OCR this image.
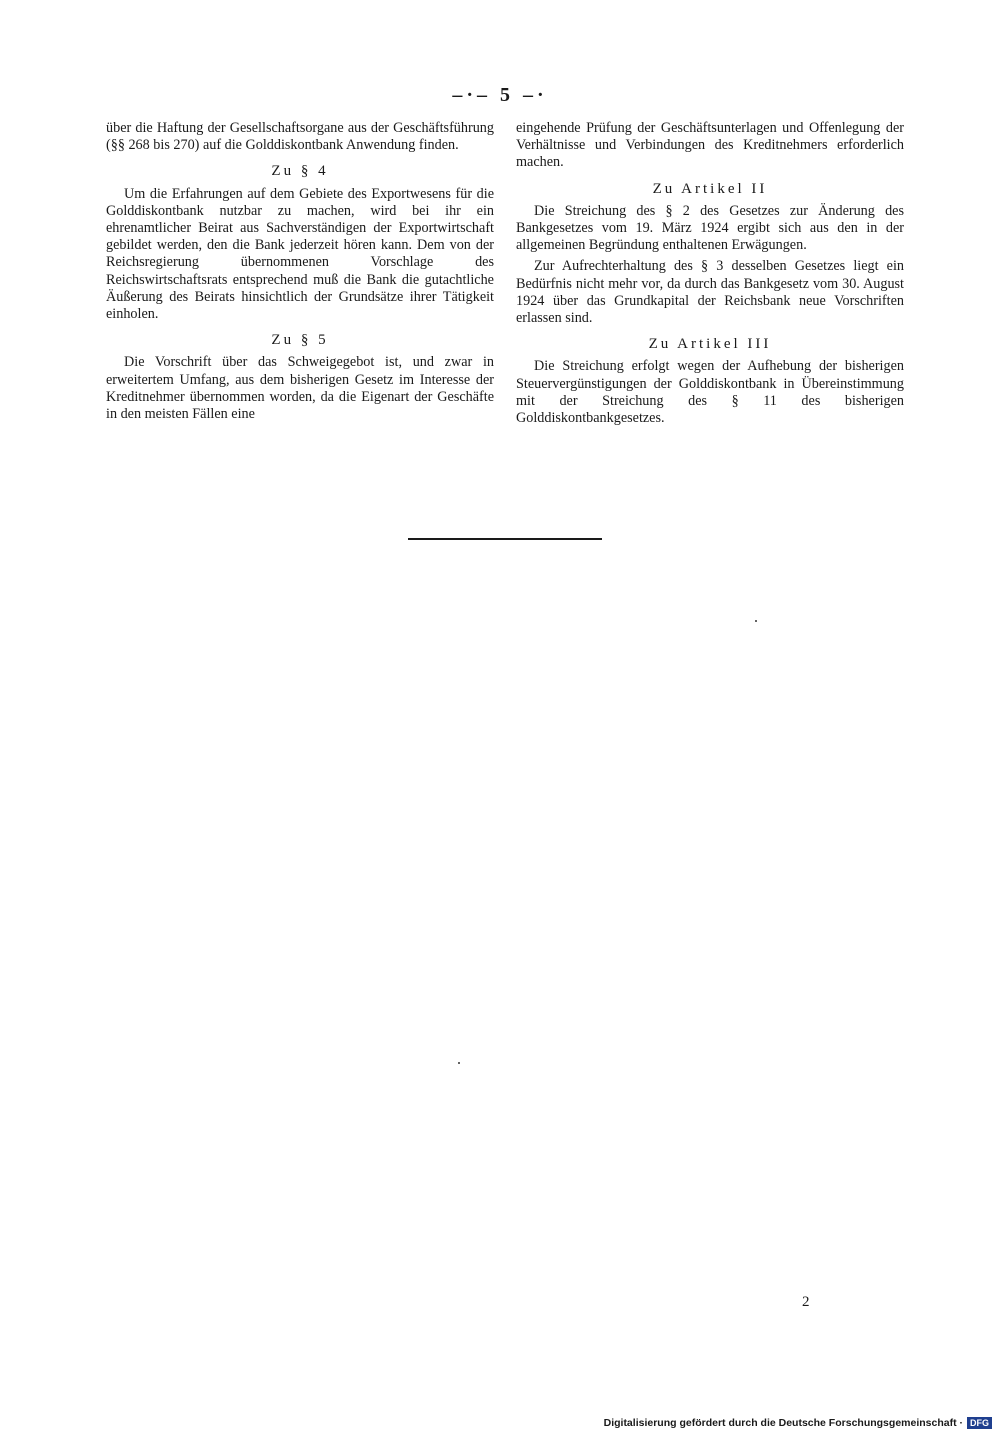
–·– 5 –·

über die Haftung der Gesellschaftsorgane aus der Geschäftsführung (§§ 268 bis 270) auf die Golddiskontbank Anwendung finden.

Zu § 4

Um die Erfahrungen auf dem Gebiete des Exportwesens für die Golddiskontbank nutzbar zu machen, wird bei ihr ein ehrenamtlicher Beirat aus Sachverständigen der Exportwirtschaft gebildet werden, den die Bank jederzeit hören kann. Dem von der Reichsregierung übernommenen Vorschlage des Reichswirtschaftsrats entsprechend muß die Bank die gutachtliche Äußerung des Beirats hinsichtlich der Grundsätze ihrer Tätigkeit einholen.

Zu § 5

Die Vorschrift über das Schweigegebot ist, und zwar in erweitertem Umfang, aus dem bisherigen Gesetz im Interesse der Kreditnehmer übernommen worden, da die Eigenart der Geschäfte in den meisten Fällen eine

eingehende Prüfung der Geschäftsunterlagen und Offenlegung der Verhältnisse und Verbindungen des Kreditnehmers erforderlich machen.

Zu Artikel II

Die Streichung des § 2 des Gesetzes zur Änderung des Bankgesetzes vom 19. März 1924 ergibt sich aus den in der allgemeinen Begründung enthaltenen Erwägungen.

Zur Aufrechterhaltung des § 3 desselben Gesetzes liegt ein Bedürfnis nicht mehr vor, da durch das Bankgesetz vom 30. August 1924 über das Grundkapital der Reichsbank neue Vorschriften erlassen sind.

Zu Artikel III

Die Streichung erfolgt wegen der Aufhebung der bisherigen Steuervergünstigungen der Golddiskontbank in Übereinstimmung mit der Streichung des § 11 des bisherigen Golddiskontbankgesetzes.

2
Digitalisierung gefördert durch die Deutsche Forschungsgemeinschaft · DFG
